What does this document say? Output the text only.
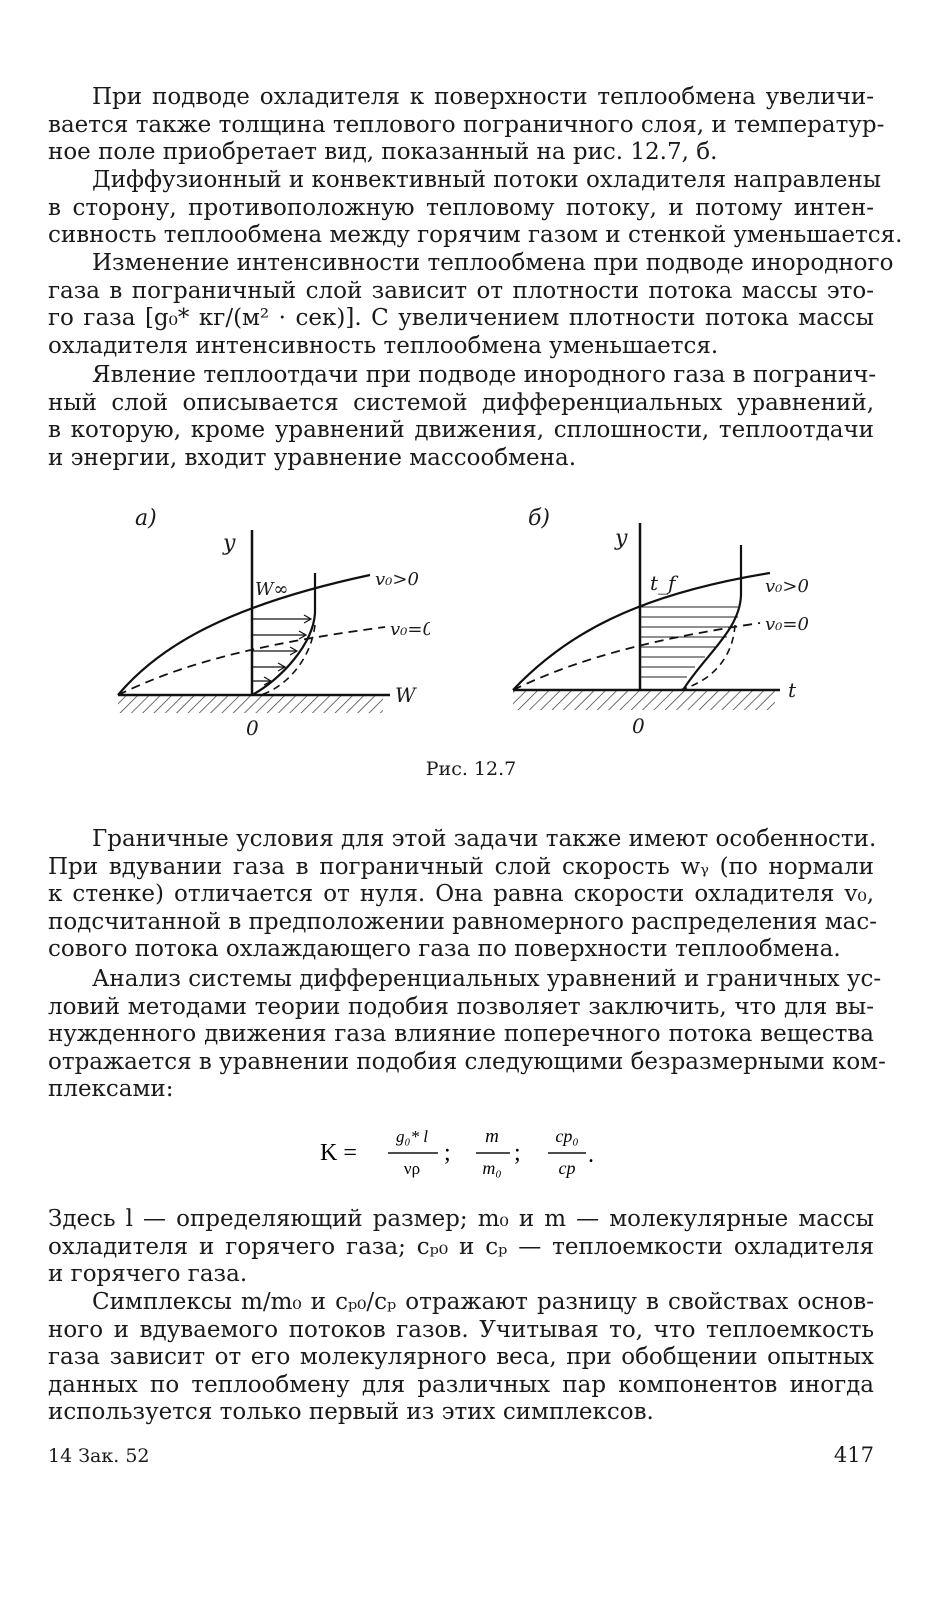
При подводе охладителя к поверхности теплообмена увеличи-
вается также толщина теплового пограничного слоя, и температур-
ное поле приобретает вид, показанный на рис. 12.7, б.
Диффузионный и конвективный потоки охладителя направлены
в сторону, противоположную тепловому потоку, и потому интен-
сивность теплообмена между горячим газом и стенкой уменьшается.
Изменение интенсивности теплообмена при подводе инородного
газа в пограничный слой зависит от плотности потока массы это-
го газа [g₀* кг/(м² · сек)]. С увеличением плотности потока массы
охладителя интенсивность теплообмена уменьшается.
Явление теплоотдачи при подводе инородного газа в погранич-
ный слой описывается системой дифференциальных уравнений,
в которую, кроме уравнений движения, сплошности, теплоотдачи
и энергии, входит уравнение массообмена.
a)
y
W
0
W∞	v₀>0
v₀=0
б)
y
t
0
t_f	v₀>0
v₀=0
Рис. 12.7
Граничные условия для этой задачи также имеют особенности.
При вдувании газа в пограничный слой скорость wᵧ (по нормали
к стенке) отличается от нуля. Она равна скорости охладителя v₀,
подсчитанной в предположении равномерного распределения мас-
сового потока охлаждающего газа по поверхности теплообмена.
Анализ системы дифференциальных уравнений и граничных ус-
ловий методами теории подобия позволяет заключить, что для вы-
нужденного движения газа влияние поперечного потока вещества
отражается в уравнении подобия следующими безразмерными ком-
плексами:
K =
g₀* l
νρ
;
m
m₀
;
cp₀
cp .
Здесь l — определяющий размер; m₀ и m — молекулярные массы
охладителя и горячего газа; cₚ₀ и cₚ — теплоемкости охладителя
и горячего газа.
Симплексы m/m₀ и cₚ₀/cₚ отражают разницу в свойствах основ-
ного и вдуваемого потоков газов. Учитывая то, что теплоемкость
газа зависит от его молекулярного веса, при обобщении опытных
данных по теплообмену для различных пар компонентов иногда
используется только первый из этих симплексов.
14 Зак. 52	417
